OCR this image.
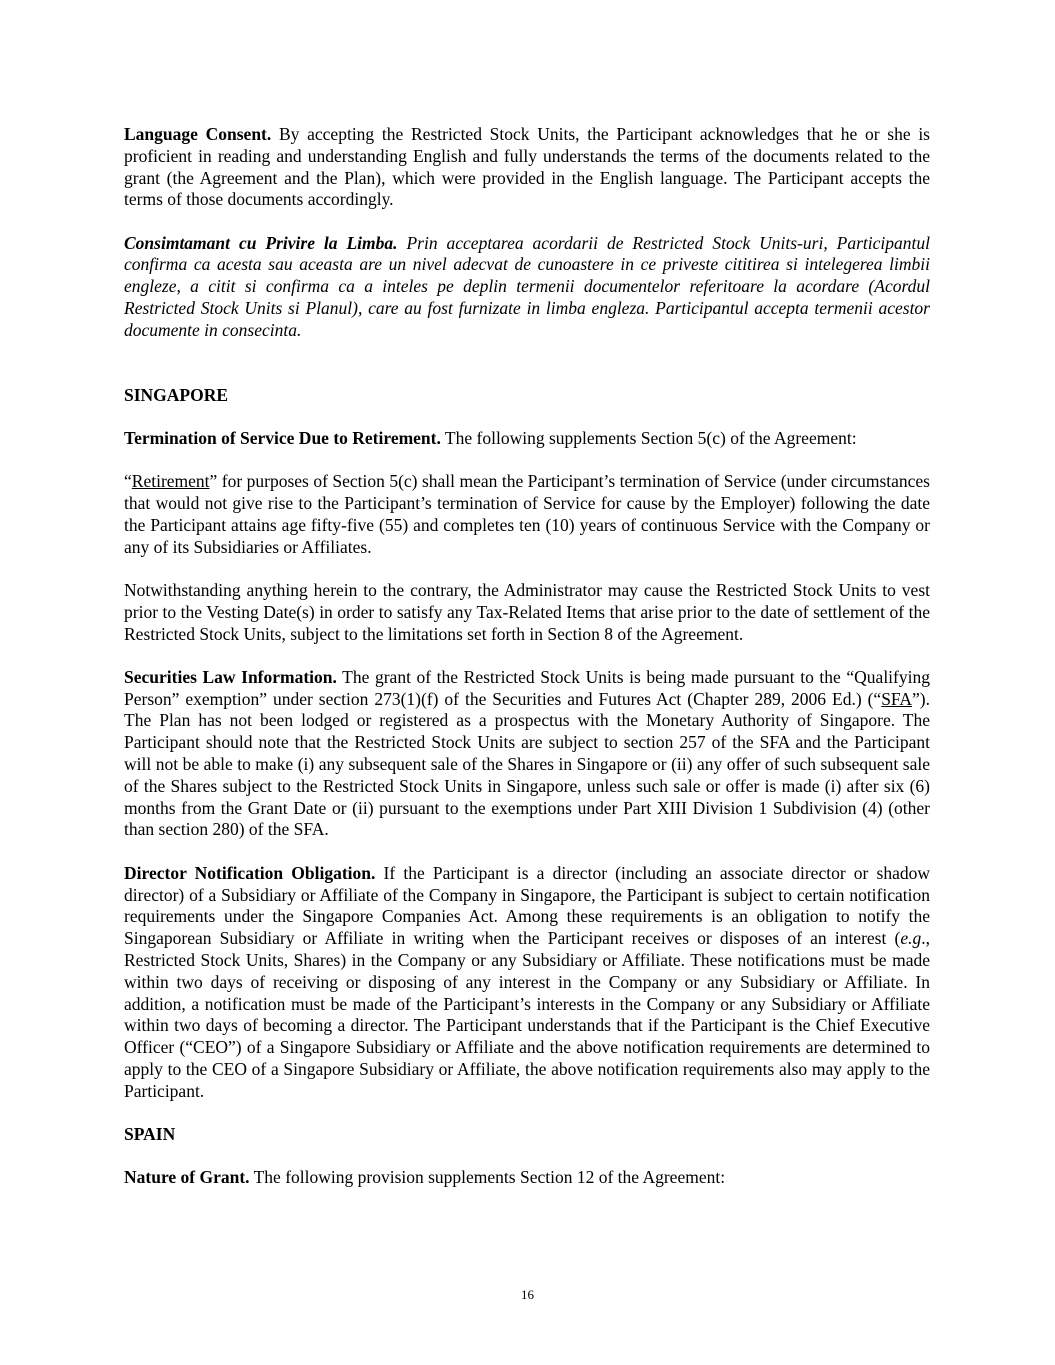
Language Consent. By accepting the Restricted Stock Units, the Participant acknowledges that he or she is proficient in reading and understanding English and fully understands the terms of the documents related to the grant (the Agreement and the Plan), which were provided in the English language. The Participant accepts the terms of those documents accordingly.

Consimtamant cu Privire la Limba. Prin acceptarea acordarii de Restricted Stock Units-uri, Participantul confirma ca acesta sau aceasta are un nivel adecvat de cunoastere in ce priveste cititirea si intelegerea limbii engleze, a citit si confirma ca a inteles pe deplin termenii documentelor referitoare la acordare (Acordul Restricted Stock Units si Planul), care au fost furnizate in limba engleza. Participantul accepta termenii acestor documente in consecinta.

SINGAPORE

Termination of Service Due to Retirement. The following supplements Section 5(c) of the Agreement:

“Retirement” for purposes of Section 5(c) shall mean the Participant’s termination of Service (under circumstances that would not give rise to the Participant’s termination of Service for cause by the Employer) following the date the Participant attains age fifty-five (55) and completes ten (10) years of continuous Service with the Company or any of its Subsidiaries or Affiliates.

Notwithstanding anything herein to the contrary, the Administrator may cause the Restricted Stock Units to vest prior to the Vesting Date(s) in order to satisfy any Tax-Related Items that arise prior to the date of settlement of the Restricted Stock Units, subject to the limitations set forth in Section 8 of the Agreement.

Securities Law Information. The grant of the Restricted Stock Units is being made pursuant to the “Qualifying Person” exemption” under section 273(1)(f) of the Securities and Futures Act (Chapter 289, 2006 Ed.) (“SFA”). The Plan has not been lodged or registered as a prospectus with the Monetary Authority of Singapore. The Participant should note that the Restricted Stock Units are subject to section 257 of the SFA and the Participant will not be able to make (i) any subsequent sale of the Shares in Singapore or (ii) any offer of such subsequent sale of the Shares subject to the Restricted Stock Units in Singapore, unless such sale or offer is made (i) after six (6) months from the Grant Date or (ii) pursuant to the exemptions under Part XIII Division 1 Subdivision (4) (other than section 280) of the SFA.

Director Notification Obligation. If the Participant is a director (including an associate director or shadow director) of a Subsidiary or Affiliate of the Company in Singapore, the Participant is subject to certain notification requirements under the Singapore Companies Act. Among these requirements is an obligation to notify the Singaporean Subsidiary or Affiliate in writing when the Participant receives or disposes of an interest (e.g., Restricted Stock Units, Shares) in the Company or any Subsidiary or Affiliate. These notifications must be made within two days of receiving or disposing of any interest in the Company or any Subsidiary or Affiliate. In addition, a notification must be made of the Participant’s interests in the Company or any Subsidiary or Affiliate within two days of becoming a director. The Participant understands that if the Participant is the Chief Executive Officer (“CEO”) of a Singapore Subsidiary or Affiliate and the above notification requirements are determined to apply to the CEO of a Singapore Subsidiary or Affiliate, the above notification requirements also may apply to the Participant.

SPAIN

Nature of Grant. The following provision supplements Section 12 of the Agreement:

16
